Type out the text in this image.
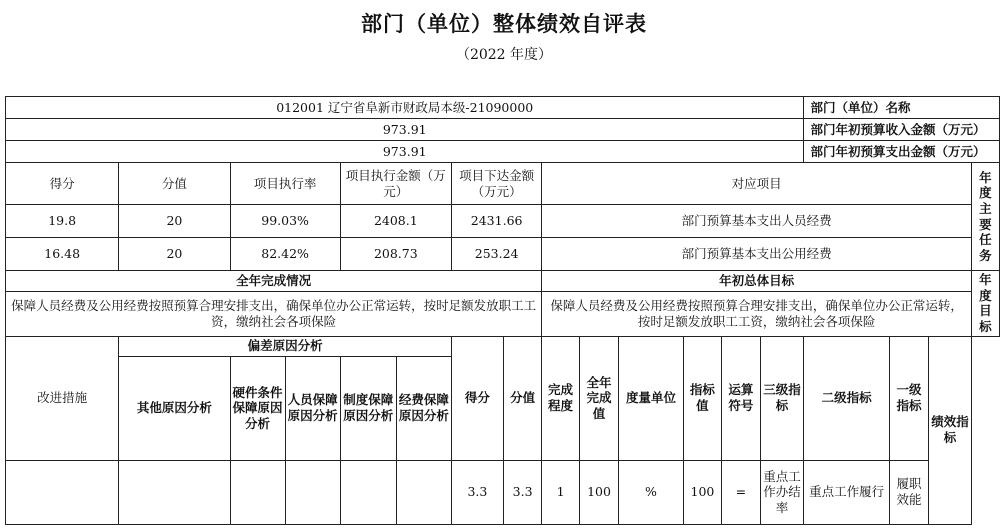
部门（单位）整体绩效自评表
（2022 年度）
012001 辽宁省阜新市财政局本级-21090000														部门（单位）名称			
973.91														部门年初预算收入金额（万元）			
973.91														部门年初预算支出金额（万元）			
得分	分值	项目执行率		项目执行金额（万元）		项目下达金额（万元）		对应项目									年度主要任务
19.8	20	99.03%		2408.1		2431.66		部门预算基本支出人员经费									
16.48	20	82.42%		208.73		253.24		部门预算基本支出公用经费									
全年完成情况								年初总体目标									年度目标
保障人员经费及公用经费按照预算合理安排支出，确保单位办公正常运转，按时足额发放职工工资，缴纳社会各项保险								保障人员经费及公用经费按照预算合理安排支出，确保单位办公正常运转，按时足额发放职工工资，缴纳社会各项保险									
改进措施	偏差原因分析					得分	分值	完成程度	全年完成值	度量单位	指标值	运算符号	三级指标	二级指标	一级指标	绩效指标	
	其他原因分析	硬件条件保障原因分析	人员保障原因分析	制度保障原因分析	经费保障原因分析												
						3.3	3.3	1	100	%	100	=	重点工作办结率	重点工作履行	履职效能		
